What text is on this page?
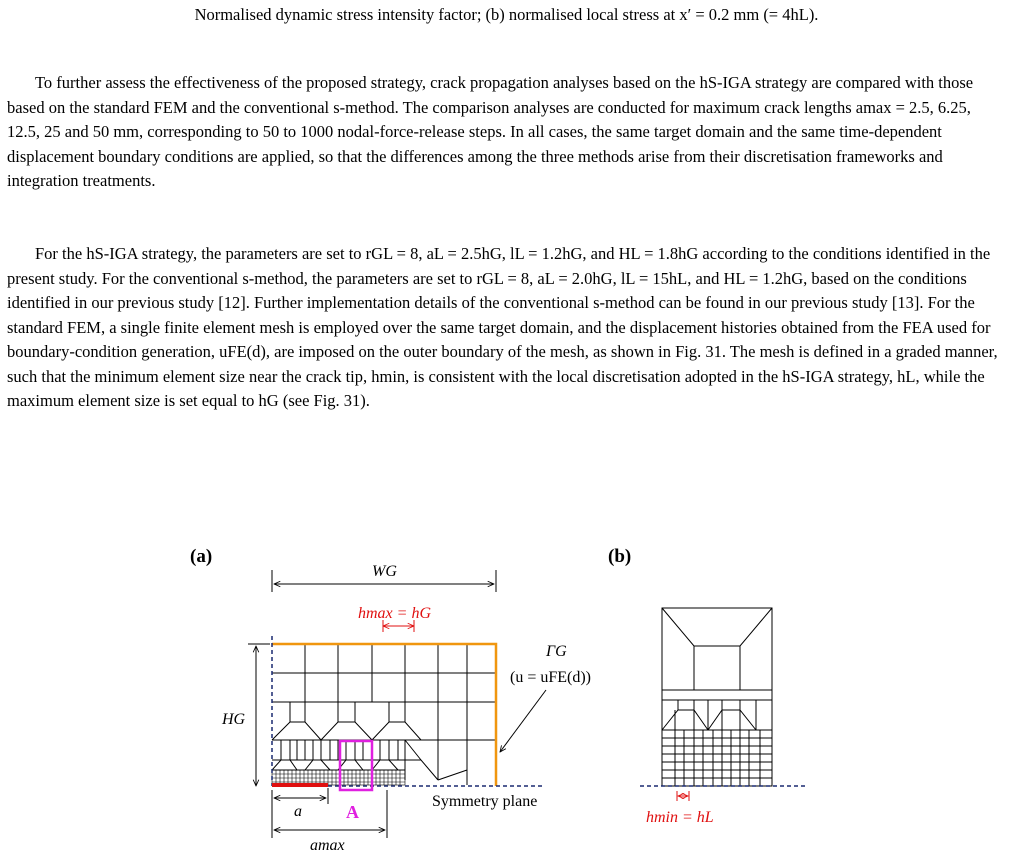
Normalised dynamic stress intensity factor; (b) normalised local stress at x′ = 0.2 mm (= 4hL).
To further assess the effectiveness of the proposed strategy, crack propagation analyses based on the hS-IGA strategy are compared with those based on the standard FEM and the conventional s-method. The comparison analyses are conducted for maximum crack lengths amax = 2.5, 6.25, 12.5, 25 and 50 mm, corresponding to 50 to 1000 nodal-force-release steps. In all cases, the same target domain and the same time-dependent displacement boundary conditions are applied, so that the differences among the three methods arise from their discretisation frameworks and integration treatments.
For the hS-IGA strategy, the parameters are set to rGL = 8, aL = 2.5hG, lL = 1.2hG, and HL = 1.8hG according to the conditions identified in the present study. For the conventional s-method, the parameters are set to rGL = 8, aL = 2.0hG, lL = 15hL, and HL = 1.2hG, based on the conditions identified in our previous study [12]. Further implementation details of the conventional s-method can be found in our previous study [13]. For the standard FEM, a single finite element mesh is employed over the same target domain, and the displacement histories obtained from the FEA used for boundary-condition generation, uFE(d), are imposed on the outer boundary of the mesh, as shown in Fig. 31. The mesh is defined in a graded manner, such that the minimum element size near the crack tip, hmin, is consistent with the local discretisation adopted in the hS-IGA strategy, hL, while the maximum element size is set equal to hG (see Fig. 31).
(a)	(b)
WG
hmax = hG
HG
A
ΓG
(u = uFE(d))
Symmetry plane
a
amax
hmin = hL
